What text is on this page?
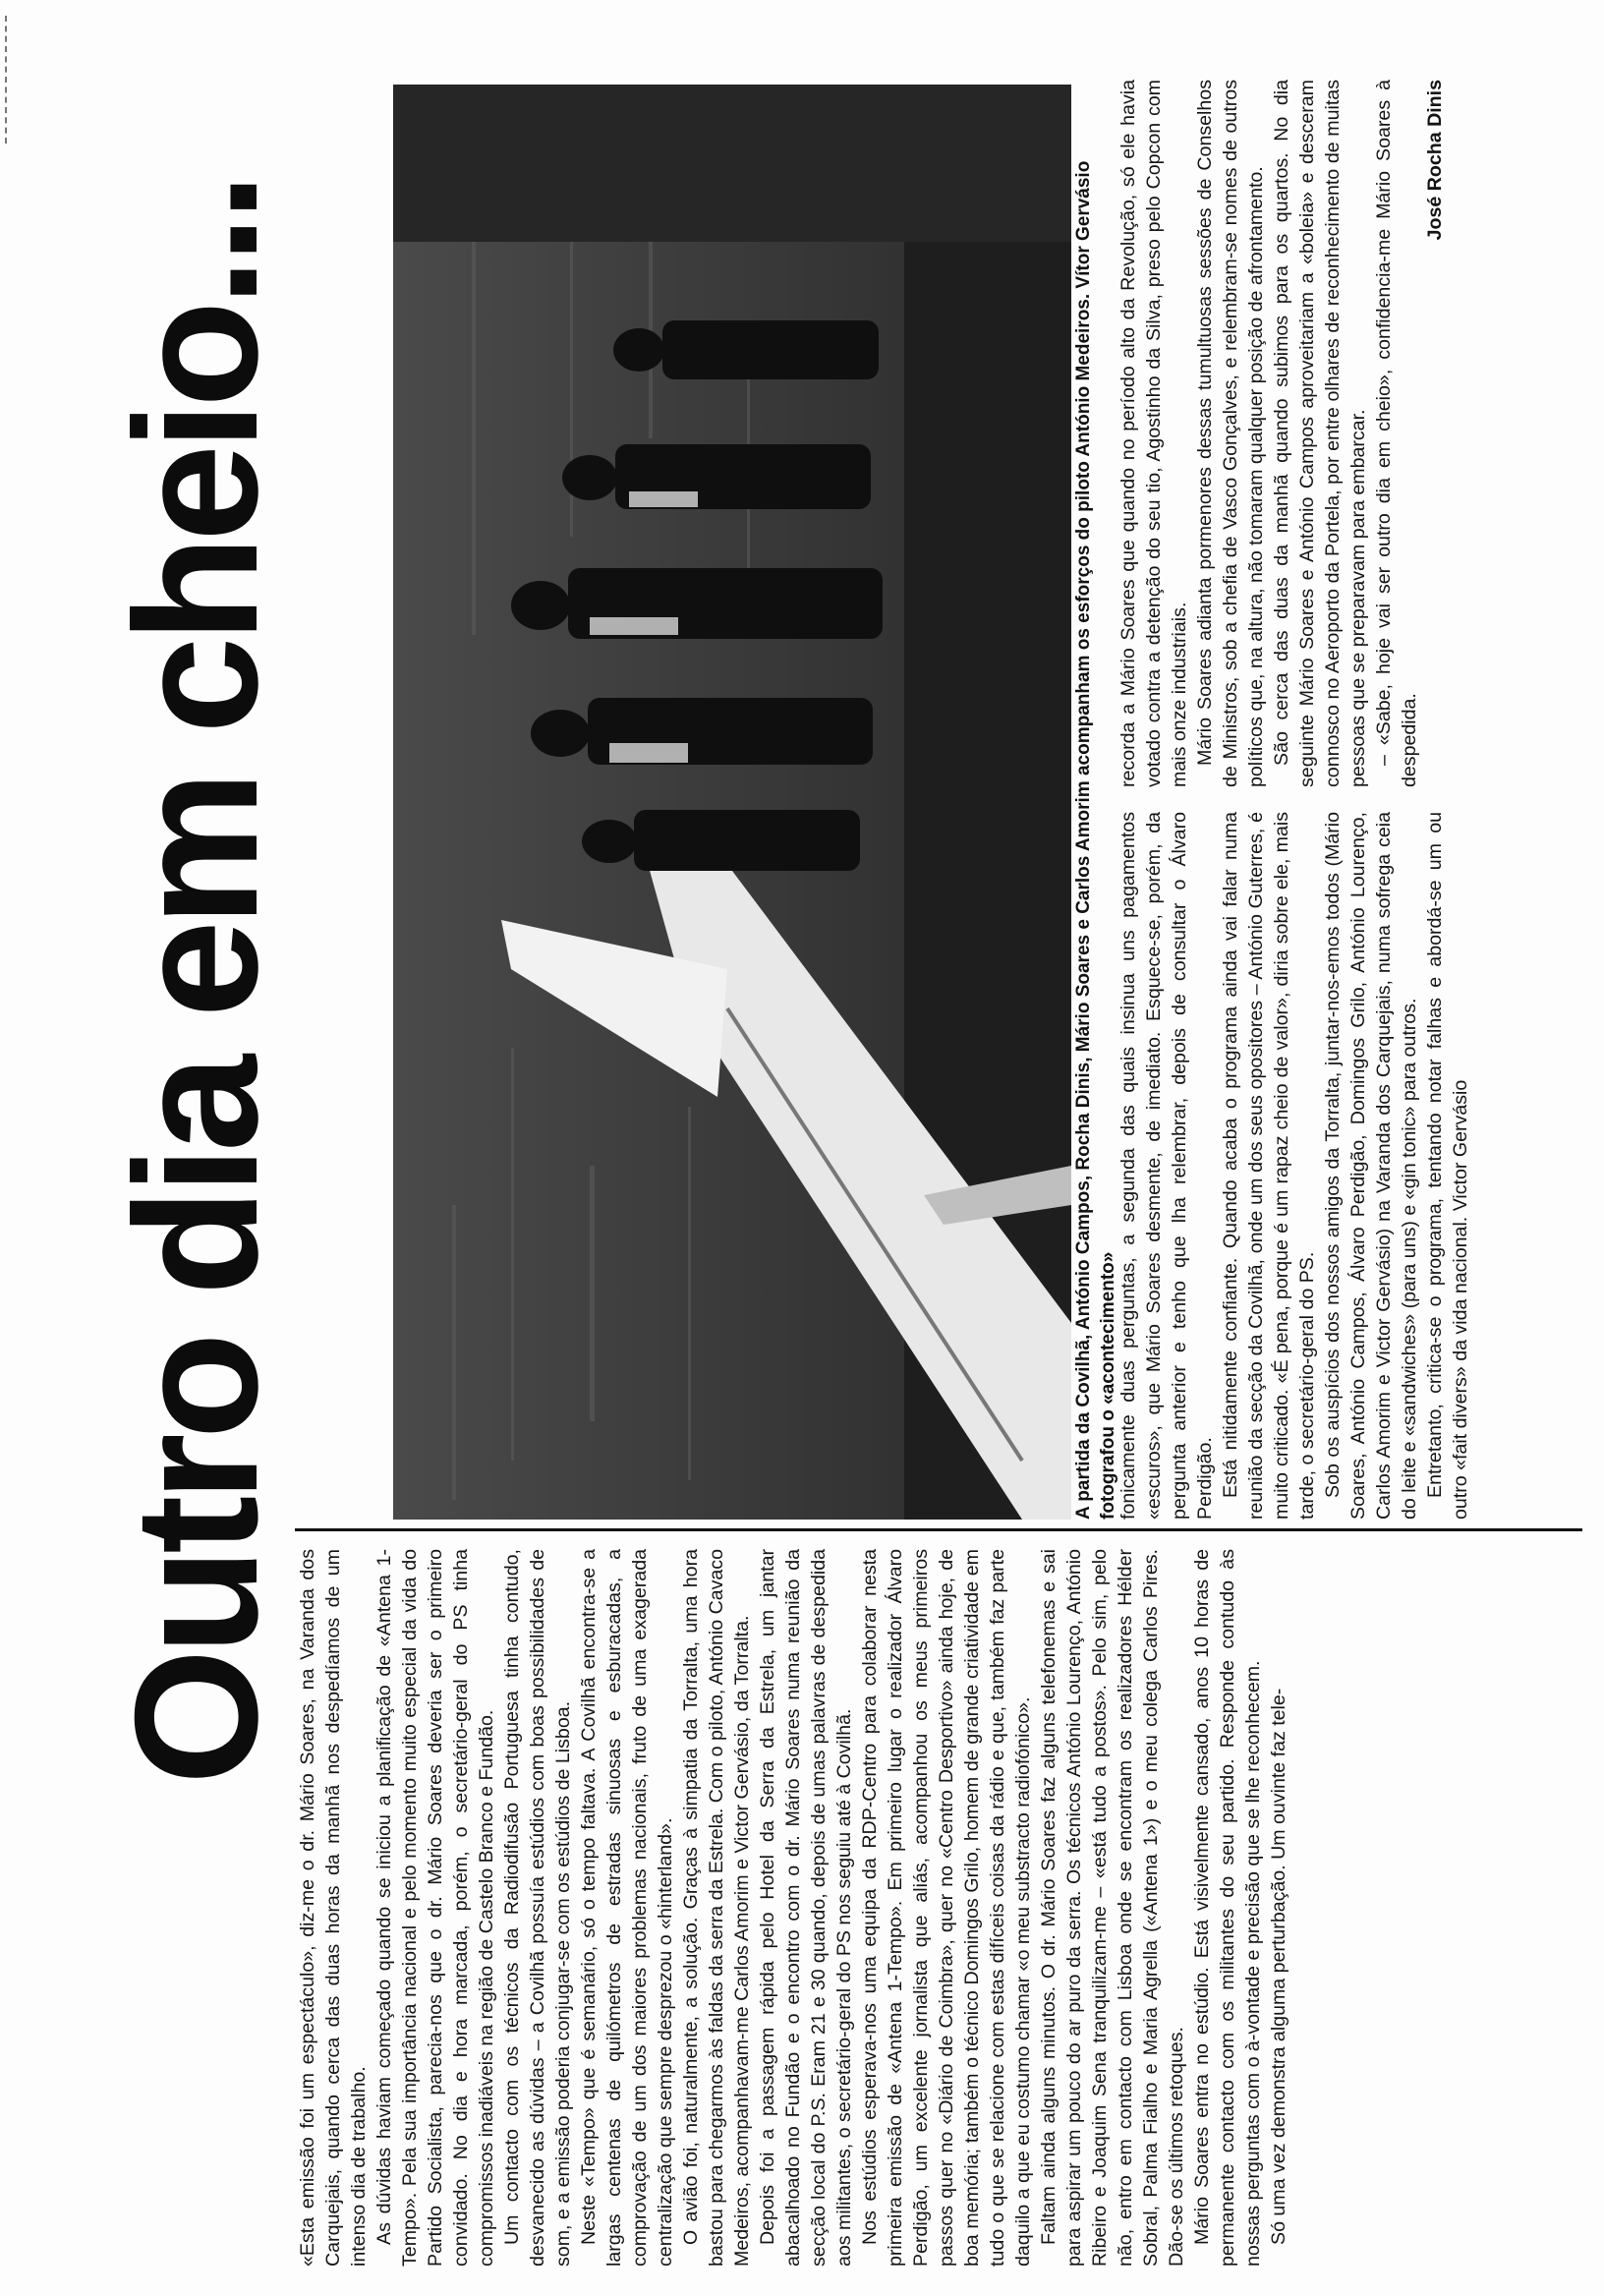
Outro dia em cheio...

«Esta emissão foi um espectáculo», diz-me o dr. Mário Soares, na Varanda dos Carquejais, quando cerca das duas horas da manhã nos despedíamos de um intenso dia de trabalho. As dúvidas haviam começado quando se iniciou a planificação de «Antena 1-Tempo». Pela sua importância nacional e pelo momento muito especial da vida do Partido Socialista, parecia-nos que o dr. Mário Soares deveria ser o primeiro convidado. No dia e hora marcada, porém, o secretário-geral do PS tinha compromissos inadiáveis na região de Castelo Branco e Fundão. Um contacto com os técnicos da Radiodifusão Portuguesa tinha contudo, desvanecido as dúvidas – a Covilhã possuía estúdios com boas possibilidades de som, e a emissão poderia conjugar-se com os estúdios de Lisboa. Neste «Tempo» que é semanário, só o tempo faltava. A Covilhã encontra-se a largas centenas de quilómetros de estradas sinuosas e esburacadas, a comprovação de um dos maiores problemas nacionais, fruto de uma exagerada centralização que sempre desprezou o «hinterland». O avião foi, naturalmente, a solução. Graças à simpatia da Torralta, uma hora bastou para chegarmos às faldas da serra da Estrela. Com o piloto, António Cavaco Medeiros, acompanhavam-me Carlos Amorim e Victor Gervásio, da Torralta. Depois foi a passagem rápida pelo Hotel da Serra da Estrela, um jantar abacalhoado no Fundão e o encontro com o dr. Mário Soares numa reunião da secção local do P.S. Eram 21 e 30 quando, depois de umas palavras de despedida aos militantes, o secretário-geral do PS nos seguiu até à Covilhã. Nos estúdios esperava-nos uma equipa da RDP-Centro para colaborar nesta primeira emissão de «Antena 1-Tempo». Em primeiro lugar o realizador Álvaro Perdigão, um excelente jornalista que aliás, acompanhou os meus primeiros passos quer no «Diário de Coimbra», quer no «Centro Desportivo» ainda hoje, de boa memória; também o técnico Domingos Grilo, homem de grande criatividade em tudo o que se relacione com estas difíceis coisas da rádio e que, também faz parte daquilo a que eu costumo chamar «o meu substracto radiofónico». Faltam ainda alguns minutos. O dr. Mário Soares faz alguns telefonemas e sai para aspirar um pouco do ar puro da serra. Os técnicos António Lourenço, António Ribeiro e Joaquim Sena tranquilizam-me – «está tudo a postos». Pelo sim, pelo não, entro em contacto com Lisboa onde se encontram os realizadores Hélder Sobral, Palma Fialho e Maria Agrella («Antena 1») e o meu colega Carlos Pires. Dão-se os últimos retoques. Mário Soares entra no estúdio. Está visivelmente cansado, anos 10 horas de permanente contacto com os militantes do seu partido. Responde contudo às nossas perguntas com o à-vontade e precisão que se lhe reconhecem. Só uma vez demonstra alguma perturbação. Um ouvinte faz tele-

A partida da Covilhã, António Campos, Rocha Dinis, Mário Soares e Carlos Amorim acompanham os esforços do piloto António Medeiros. Vítor Gervásio fotografou o «acontecimento» fonicamente duas perguntas, a segunda das quais insinua uns pagamentos «escuros», que Mário Soares desmente, de imediato. Esquece-se, porém, da pergunta anterior e tenho que lha relembrar, depois de consultar o Álvaro Perdigão. Está nitidamente confiante. Quando acaba o programa ainda vai falar numa reunião da secção da Covilhã, onde um dos seus opositores – António Guterres, é muito criticado. «É pena, porque é um rapaz cheio de valor», diria sobre ele, mais tarde, o secretário-geral do PS. Sob os auspícios dos nossos amigos da Torralta, juntar-nos-emos todos (Mário Soares, António Campos, Álvaro Perdigão, Domingos Grilo, António Lourenço, Carlos Amorim e Victor Gervásio) na Varanda dos Carquejais, numa sofrega ceia do leite e «sandwiches» (para uns) e «gin tonic» para outros. Entretanto, critica-se o programa, tentando notar falhas e abordá-se um ou outro «fait divers» da vida nacional. Victor Gervásio

recorda a Mário Soares que quando no período alto da Revolução, só ele havia votado contra a detenção do seu tio, Agostinho da Silva, preso pelo Copcon com mais onze industriais. Mário Soares adianta pormenores dessas tumultuosas sessões de Conselhos de Ministros, sob a chefia de Vasco Gonçalves, e relembram-se nomes de outros políticos que, na altura, não tomaram qualquer posição de afrontamento. São cerca das duas da manhã quando subimos para os quartos. No dia seguinte Mário Soares e António Campos aproveitariam a «boleia» e desceram connosco no Aeroporto da Portela, por entre olhares de reconhecimento de muitas pessoas que se preparavam para embarcar. – «Sabe, hoje vai ser outro dia em cheio», confidencia-me Mário Soares à despedida.

José Rocha Dinis
